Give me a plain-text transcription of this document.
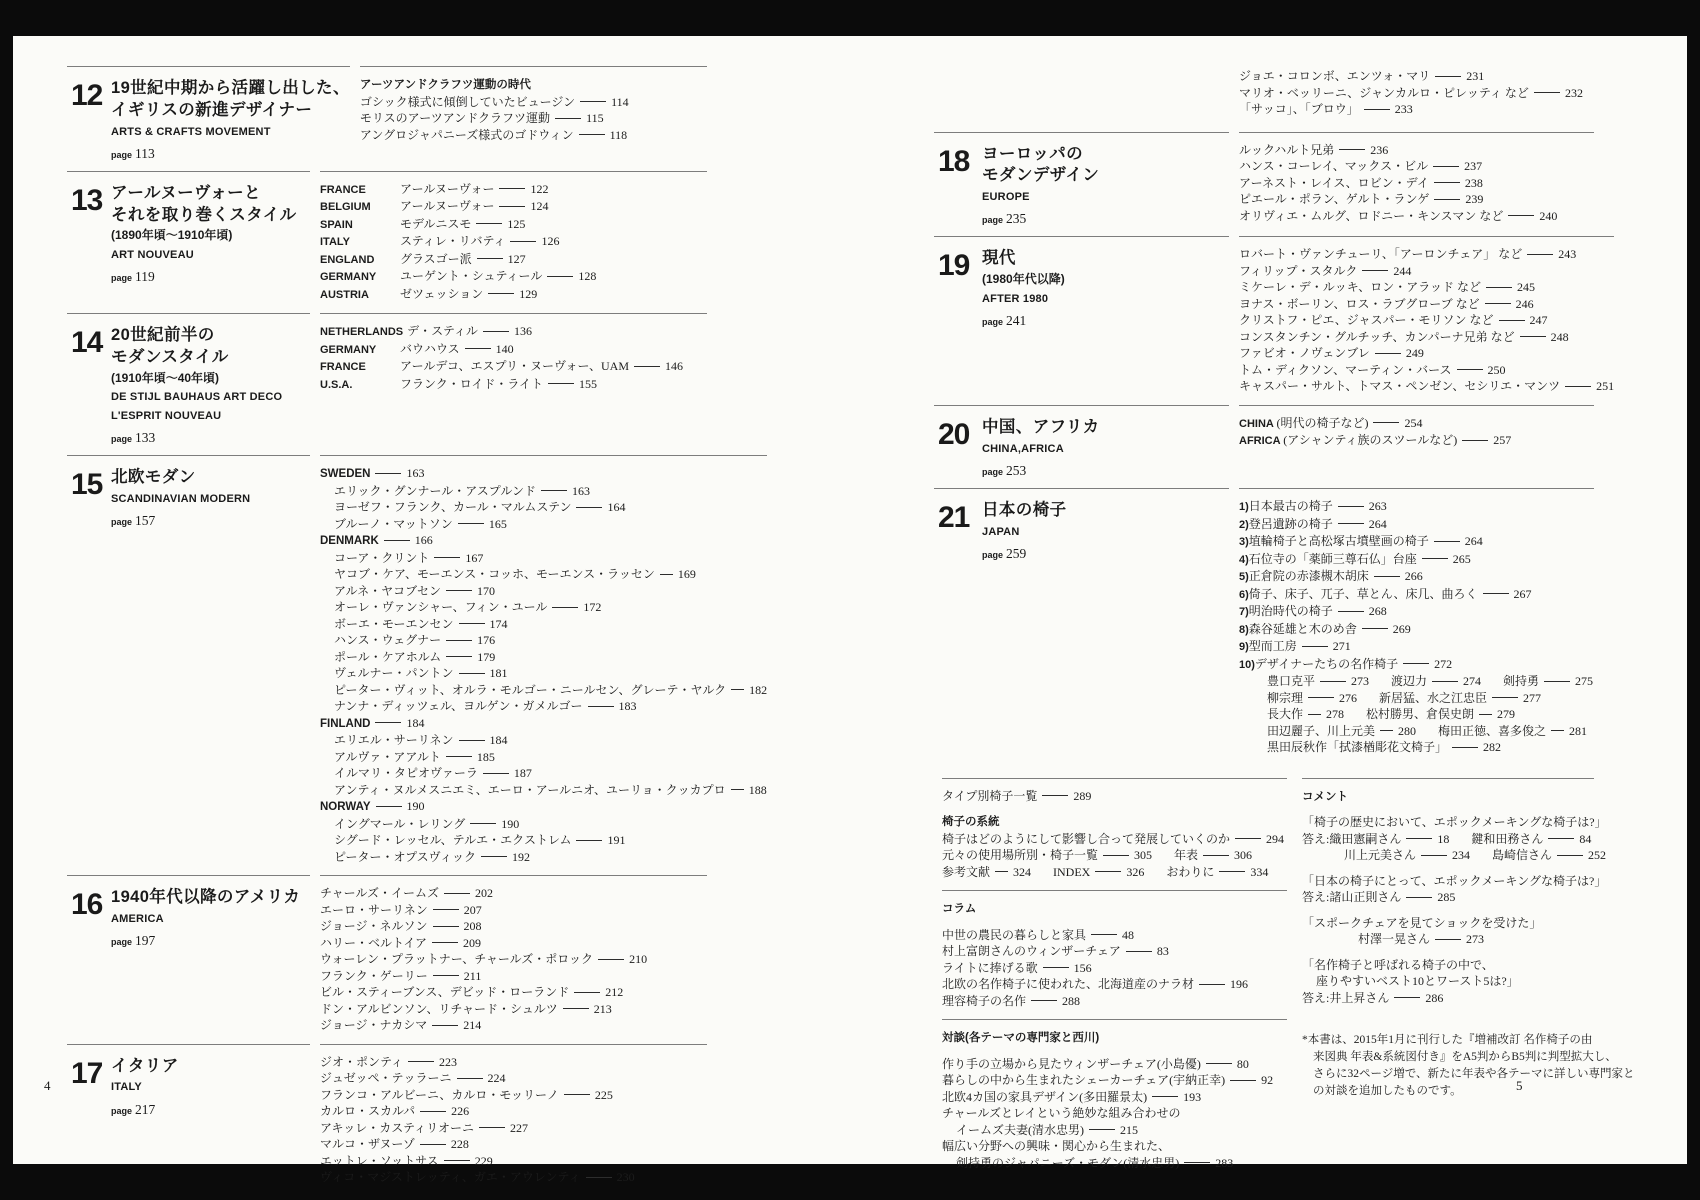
12 19世紀中期から活躍し出した、
イギリスの新進デザイナー
ARTS & CRAFTS MOVEMENT
page 113
アーツアンドクラフツ運動の時代
ゴシック様式に傾倒していたビュージン	114
モリスのアーツアンドクラフツ運動	115
アングロジャパニーズ様式のゴドウィン	118
13 アールヌーヴォーと
それを取り巻くスタイル
(1890年頃〜1910年頃)
ART NOUVEAU
page 119
FRANCE	アールヌーヴォー	122
BELGIUM アールヌーヴォー	124
SPAIN	モデルニスモ	125
ITALY	スティレ・リバティ	126
ENGLAND グラスゴー派	127
GERMANY ユーゲント・シュティール	128
AUSTRIA	ゼツェッション	129
14 20世紀前半の
モダンスタイル
(1910年頃〜40年頃)
DE STIJL BAUHAUS ART DECO
L'ESPRIT NOUVEAU
page 133
NETHERLANDS デ・スティル	136
GERMANY バウハウス	140
FRANCE	アールデコ、エスプリ・ヌーヴォー、UAM	146
U.S.A.	フランク・ロイド・ライト	155
15 北欧モダン
SCANDINAVIAN MODERN
page 157
SWEDEN	163
エリック・グンナール・アスプルンド	163
ヨーゼフ・フランク、カール・マルムステン	164
ブルーノ・マットソン	165
DENMARK	166
コーア・クリント	167
ヤコブ・ケア、モーエンス・コッホ、モーエンス・ラッセン 169
アルネ・ヤコブセン	170
オーレ・ヴァンシャー、フィン・ユール	172
ボーエ・モーエンセン	174
ハンス・ウェグナー	176
ポール・ケアホルム	179
ヴェルナー・パントン	181
ピーター・ヴィット、オルラ・モルゴー・ニールセン、グレーテ・ヤルク 182
ナンナ・ディッツェル、ヨルゲン・ガメルゴー	183
FINLAND	184
エリエル・サーリネン	184
アルヴァ・アアルト	185
イルマリ・タピオヴァーラ	187
アンティ・ヌルメスニエミ、エーロ・アールニオ、ユーリョ・クッカプロ 188
NORWAY	190
イングマール・レリング	190
シグード・レッセル、テルエ・エクストレム	191
ピーター・オプスヴィック	192
16 1940年代以降のアメリカ
AMERICA
page 197
チャールズ・イームズ	202
エーロ・サーリネン	207
ジョージ・ネルソン	208
ハリー・ベルトイア	209
ウォーレン・プラットナー、チャールズ・ポロック	210
フランク・ゲーリー	211
ビル・スティーブンス、デビッド・ローランド	212
ドン・アルビンソン、リチャード・シュルツ	213
ジョージ・ナカシマ	214
17 イタリア
ITALY
page 217
ジオ・ポンティ	223
ジュゼッペ・テッラーニ	224
フランコ・アルビーニ、カルロ・モッリーノ	225
カルロ・スカルパ	226
アキッレ・カスティリオーニ	227
マルコ・ザヌーゾ	228
エットレ・ソットサス	229
ヴィコ・マジストレッティ、ガエ・アウレンティ	230
ジョエ・コロンボ、エンツォ・マリ	231
マリオ・ベッリーニ、ジャンカルロ・ピレッティ など	232
「サッコ」、「ブロウ」	233
18 ヨーロッパの
モダンデザイン
EUROPE
page 235
ルックハルト兄弟	236
ハンス・コーレイ、マックス・ビル	237
アーネスト・レイス、ロビン・デイ	238
ピエール・ポラン、ゲルト・ランゲ	239
オリヴィエ・ムルグ、ロドニー・キンスマン など	240
19 現代
(1980年代以降)
AFTER 1980
page 241
ロバート・ヴァンチューリ、「アーロンチェア」 など	243
フィリップ・スタルク	244
ミケーレ・デ・ルッキ、ロン・アラッド など	245
ヨナス・ボーリン、ロス・ラブグローブ など	246
クリストフ・ピエ、ジャスパー・モリソン など	247
コンスタンチン・グルチッチ、カンパーナ兄弟 など	248
ファビオ・ノヴェンブレ	249
トム・ディクソン、マーティン・バース	250
キャスパー・サルト、トマス・ペンゼン、セシリエ・マンツ	251
20 中国、アフリカ
CHINA,AFRICA
page 253
CHINA (明代の椅子など)	254
AFRICA (アシャンティ族のスツールなど)	257
21 日本の椅子
JAPAN
page 259
1)日本最古の椅子	263
2)登呂遺跡の椅子	264
3)埴輪椅子と高松塚古墳壁画の椅子	264
4)石位寺の「薬師三尊石仏」台座	265
5)正倉院の赤漆槻木胡床	266
6)倚子、床子、兀子、草とん、床几、曲ろく	267
7)明治時代の椅子	268
8)森谷延雄と木のめ舎	269
9)型而工房	271
10)デザイナーたちの名作椅子	272
豊口克平	273 渡辺力	274 剣持勇	275
柳宗理	276 新居猛、水之江忠臣	277
長大作 278 松村勝男、倉俣史朗 279
田辺麗子、川上元美 280 梅田正徳、喜多俊之 281
黒田辰秋作「拭漆楢彫花文椅子」	282
タイプ別椅子一覧	289
椅子の系統
椅子はどのようにして影響し合って発展していくのか	294
元々の使用場所別・椅子一覧	305 年表	306
参考文献 324 INDEX	326 おわりに	334
コラム
中世の農民の暮らしと家具	48
村上富朗さんのウィンザーチェア	83
ライトに捧げる歌	156
北欧の名作椅子に使われた、北海道産のナラ材	196
理容椅子の名作	288
対談(各テーマの専門家と西川)
作り手の立場から見たウィンザーチェア(小島優)	80
暮らしの中から生まれたシェーカーチェア(宇納正幸)	92
北欧4カ国の家具デザイン(多田羅景太)	193
チャールズとレイという絶妙な組み合わせの
イームズ夫妻(清水忠男)	215
幅広い分野への興味・関心から生まれた、
剣持勇のジャパニーズ・モダン(清水忠男)	283
コメント
「椅子の歴史において、エポックメーキングな椅子は?」
答え:織田憲嗣さん	18 鍵和田務さん	84
川上元美さん	234 島崎信さん	252
「日本の椅子にとって、エポックメーキングな椅子は?」
答え:諸山正則さん	285
「スポークチェアを見てショックを受けた」
村澤一晃さん	273
「名作椅子と呼ばれる椅子の中で、
座りやすいベスト10とワースト5は?」
答え:井上昇さん	286
*本書は、2015年1月に刊行した『増補改訂 名作椅子の由
来図典 年表&系統図付き』をA5判からB5判に判型拡大し、
さらに32ページ増で、新たに年表や各テーマに詳しい専門家と
の対談を追加したものです。
4	5
